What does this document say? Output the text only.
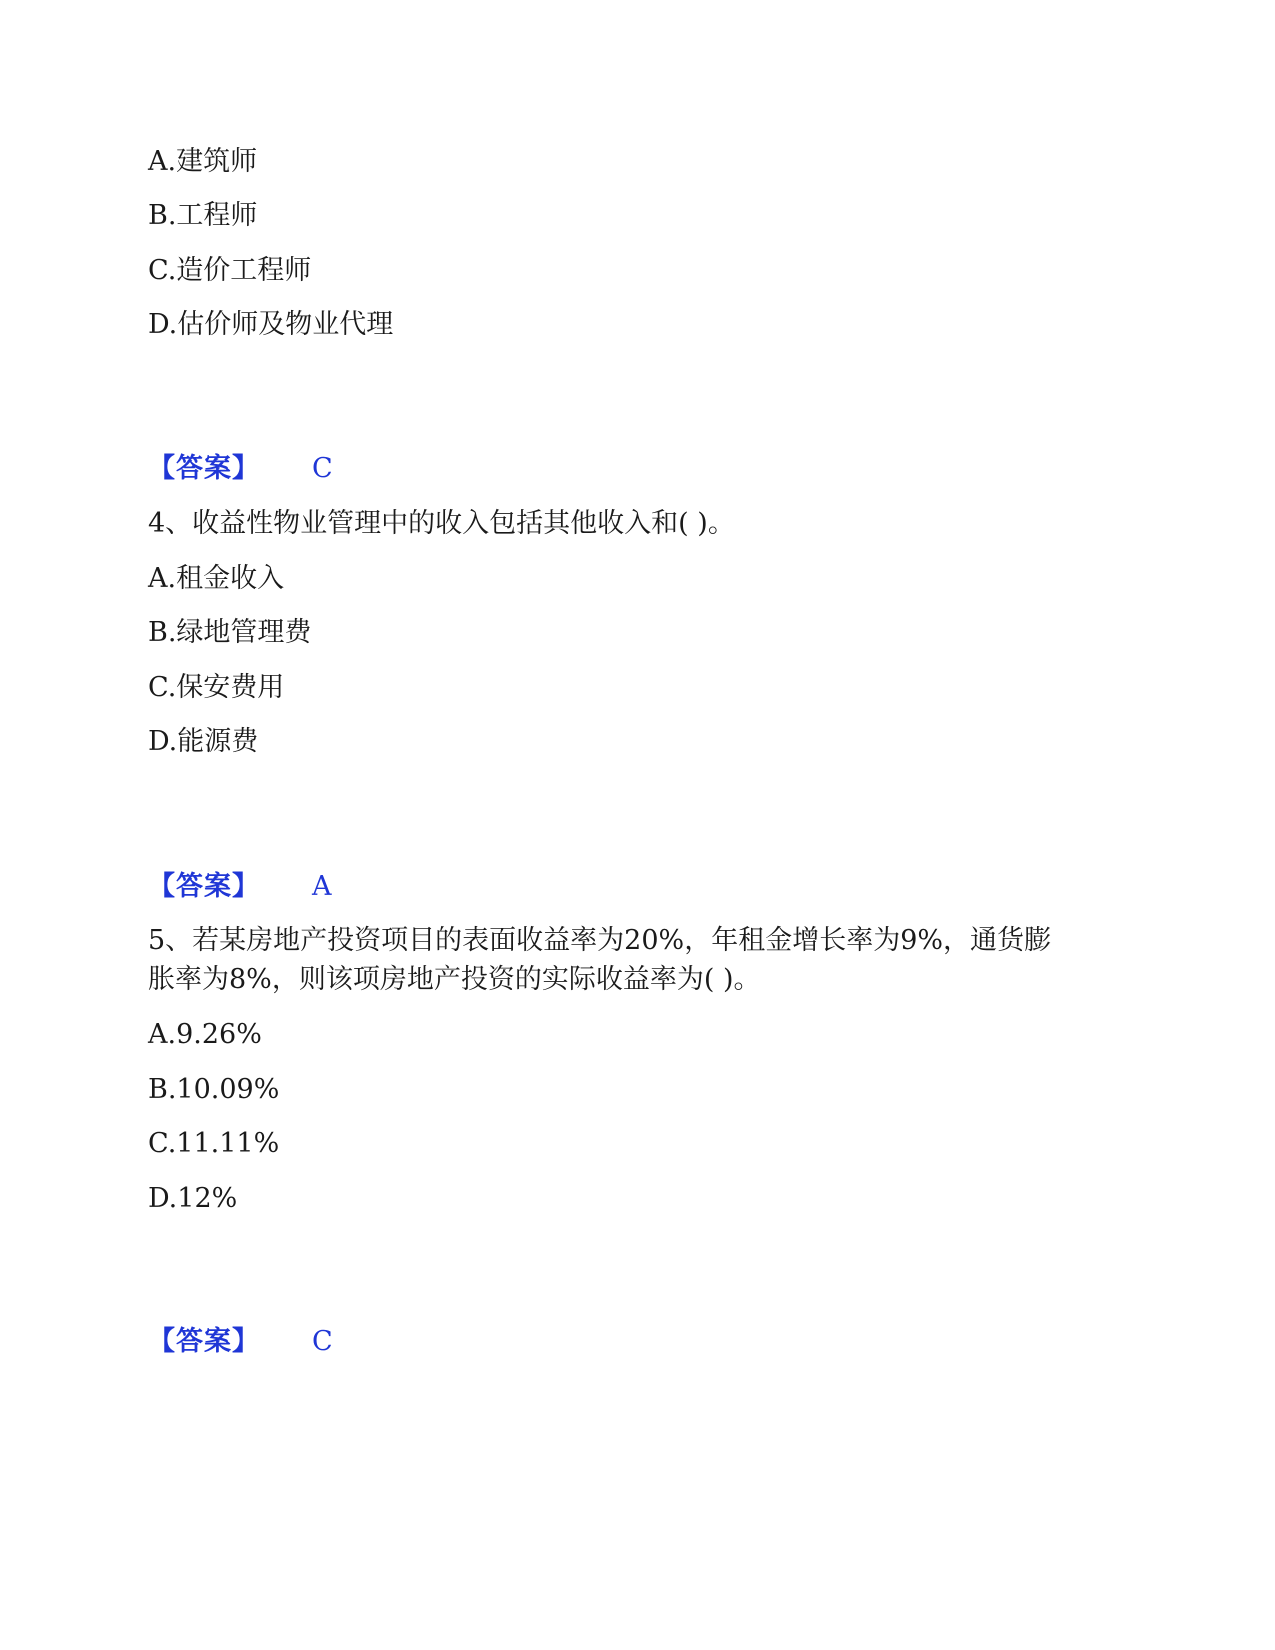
A.建筑师
B.工程师
C.造价工程师
D.估价师及物业代理
【答案】 C
4、收益性物业管理中的收入包括其他收入和( )。
A.租金收入
B.绿地管理费
C.保安费用
D.能源费
【答案】 A
5、若某房地产投资项目的表面收益率为20%，年租金增长率为9%，通货膨
胀率为8%，则该项房地产投资的实际收益率为( )。
A.9.26%
B.10.09%
C.11.11%
D.12%
【答案】 C
